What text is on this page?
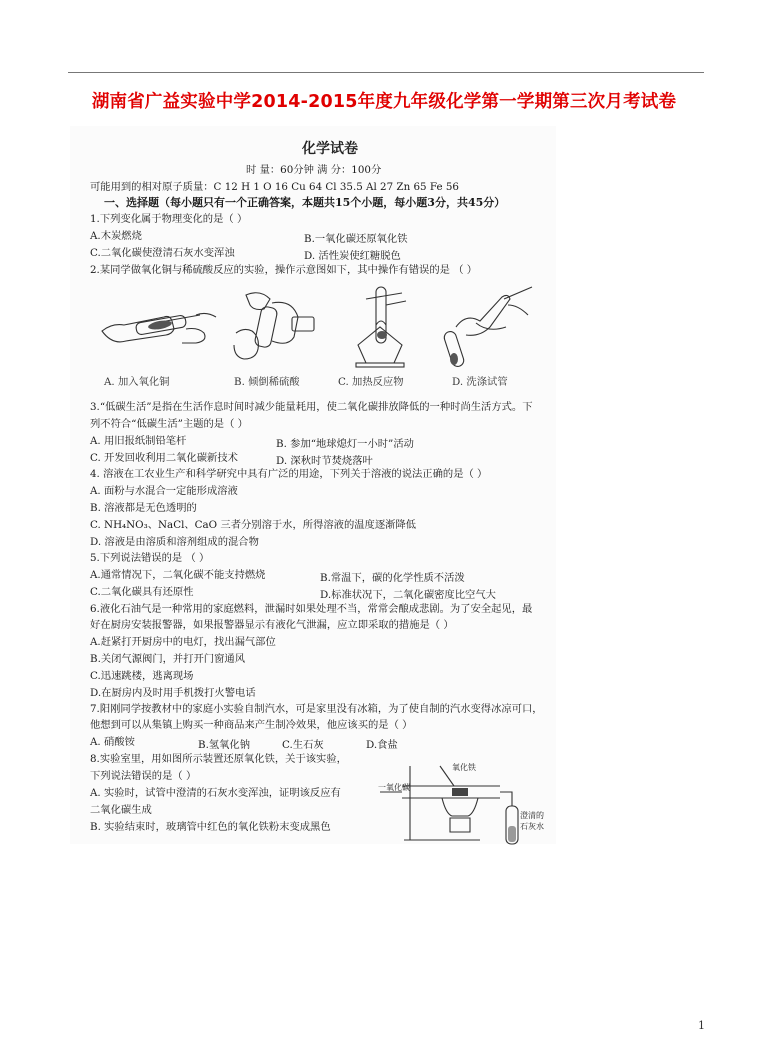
湖南省广益实验中学2014-2015年度九年级化学第一学期第三次月考试卷
化学试卷
时 量：60分钟 满 分：100分
可能用到的相对原子质量：C 12 H 1 O 16 Cu 64 Cl 35.5 Al 27 Zn 65 Fe 56
一、选择题（每小题只有一个正确答案，本题共15个小题，每小题3分，共45分）
1.下列变化属于物理变化的是（ ）
A.木炭燃烧	B.一氧化碳还原氧化铁
C.二氧化碳使澄清石灰水变浑浊	D. 活性炭使红糖脱色
2.某同学做氧化铜与稀硫酸反应的实验，操作示意图如下，其中操作有错误的是 （ ）
A. 加入氧化铜	B. 倾倒稀硫酸	C. 加热反应物	D. 洗涤试管
3.“低碳生活”是指在生活作息时间时减少能量耗用，使二氧化碳排放降低的一种时尚生活方式。下
列不符合“低碳生活”主题的是（ ）
A. 用旧报纸制铅笔杆	B. 参加“地球熄灯一小时”活动
C. 开发回收利用二氧化碳新技术	D. 深秋时节焚烧落叶
4. 溶液在工农业生产和科学研究中具有广泛的用途，下列关于溶液的说法正确的是（ ）
A. 面粉与水混合一定能形成溶液
B. 溶液都是无色透明的
C. NH₄NO₃、NaCl、CaO 三者分别溶于水，所得溶液的温度逐渐降低
D. 溶液是由溶质和溶剂组成的混合物
5.下列说法错误的是 （ ）
A.通常情况下，二氧化碳不能支持燃烧	B.常温下，碳的化学性质不活泼
C.二氧化碳具有还原性	D.标准状况下，二氧化碳密度比空气大
6.液化石油气是一种常用的家庭燃料，泄漏时如果处理不当，常常会酿成悲剧。为了安全起见，最
好在厨房安装报警器，如果报警器显示有液化气泄漏，应立即采取的措施是（ ）
A.赶紧打开厨房中的电灯，找出漏气部位
B.关闭气源阀门，并打开门窗通风
C.迅速跳楼，逃离现场
D.在厨房内及时用手机拨打火警电话
7.阳刚同学按教材中的家庭小实验自制汽水，可是家里没有冰箱，为了使自制的汽水变得冰凉可口，
他想到可以从集镇上购买一种商品来产生制冷效果，他应该买的是（ ）
A. 硝酸铵	B.氢氧化钠	C.生石灰	D.食盐
8.实验室里，用如图所示装置还原氧化铁，关于该实验，
下列说法错误的是（ ）
A. 实验时，试管中澄清的石灰水变浑浊，证明该反应有
二氧化碳生成
B. 实验结束时，玻璃管中红色的氧化铁粉末变成黑色
一氧化碳
氧化铁
澄清的
石灰水
1
